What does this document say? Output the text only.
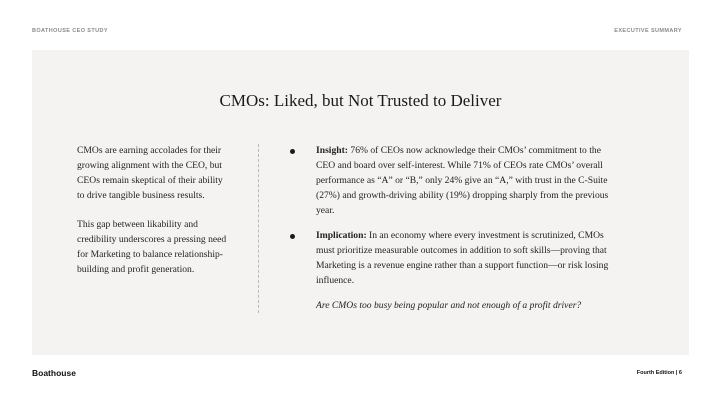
BOATHOUSE CEO STUDY	EXECUTIVE SUMMARY
CMOs: Liked, but Not Trusted to Deliver

CMOs are earning accolades for their growing alignment with the CEO, but CEOs remain skeptical of their ability to drive tangible business results.

This gap between likability and credibility underscores a pressing need for Marketing to balance relationship-building and profit generation.

Insight: 76% of CEOs now acknowledge their CMOs’ commitment to the CEO and board over self-interest. While 71% of CEOs rate CMOs’ overall performance as “A” or “B,” only 24% give an “A,” with trust in the C-Suite (27%) and growth-driving ability (19%) dropping sharply from the previous year.
Implication: In an economy where every investment is scrutinized, CMOs must prioritize measurable outcomes in addition to soft skills—proving that Marketing is a revenue engine rather than a support function—or risk losing influence.
Are CMOs too busy being popular and not enough of a profit driver?
Boathouse	Fourth Edition | 6
